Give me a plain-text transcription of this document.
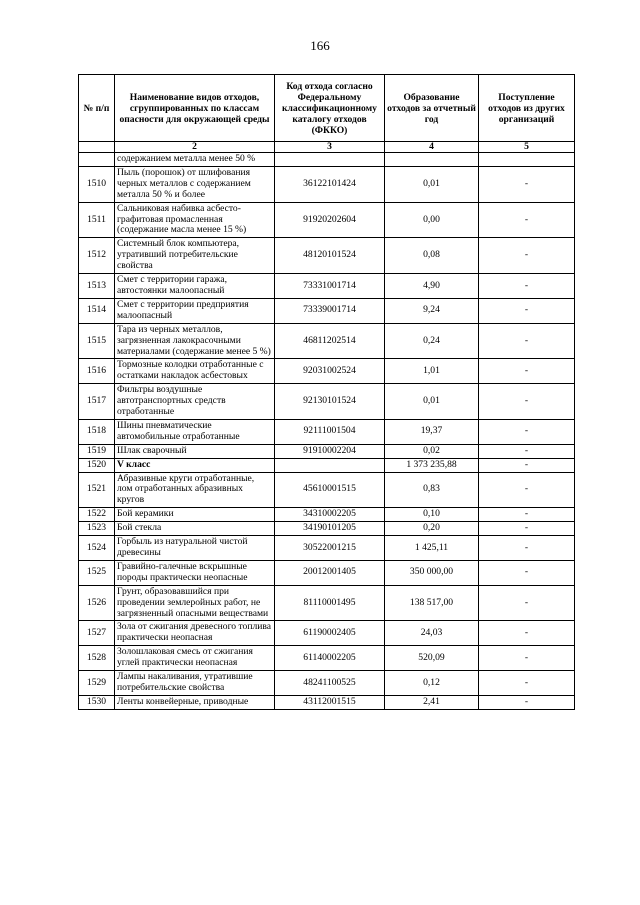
166
№ п/п	Наименование видов отходов, сгруппированных по классам опасности для окружающей среды	Код отхода согласно Федеральному классификационному каталогу отходов (ФККО)	Образование отходов за отчетный год	Поступление отходов из других организаций
	2	3	4	5
	содержанием металла менее 50 %			
1510	Пыль (порошок) от шлифования черных металлов с содержанием металла 50 % и более	36122101424	0,01	-
1511	Сальниковая набивка асбесто-графитовая промасленная (содержание масла менее 15 %)	91920202604	0,00	-
1512	Системный блок компьютера, утративший потребительские свойства	48120101524	0,08	-
1513	Смет с территории гаража, автостоянки малоопасный	73331001714	4,90	-
1514	Смет с территории предприятия малоопасный	73339001714	9,24	-
1515	Тара из черных металлов, загрязненная лакокрасочными материалами (содержание менее 5 %)	46811202514	0,24	-
1516	Тормозные колодки отработанные с остатками накладок асбестовых	92031002524	1,01	-
1517	Фильтры воздушные автотранспортных средств отработанные	92130101524	0,01	-
1518	Шины пневматические автомобильные отработанные	92111001504	19,37	-
1519	Шлак сварочный	91910002204	0,02	-
1520	V класс		1 373 235,88	-
1521	Абразивные круги отработанные, лом отработанных абразивных кругов	45610001515	0,83	-
1522	Бой керамики	34310002205	0,10	-
1523	Бой стекла	34190101205	0,20	-
1524	Горбыль из натуральной чистой древесины	30522001215	1 425,11	-
1525	Гравийно-галечные вскрышные породы практически неопасные	20012001405	350 000,00	-
1526	Грунт, образовавшийся при проведении землеройных работ, не загрязненный опасными веществами	81110001495	138 517,00	-
1527	Зола от сжигания древесного топлива практически неопасная	61190002405	24,03	-
1528	Золошлаковая смесь от сжигания углей практически неопасная	61140002205	520,09	-
1529	Лампы накаливания, утратившие потребительские свойства	48241100525	0,12	-
1530	Ленты конвейерные, приводные	43112001515	2,41	-
